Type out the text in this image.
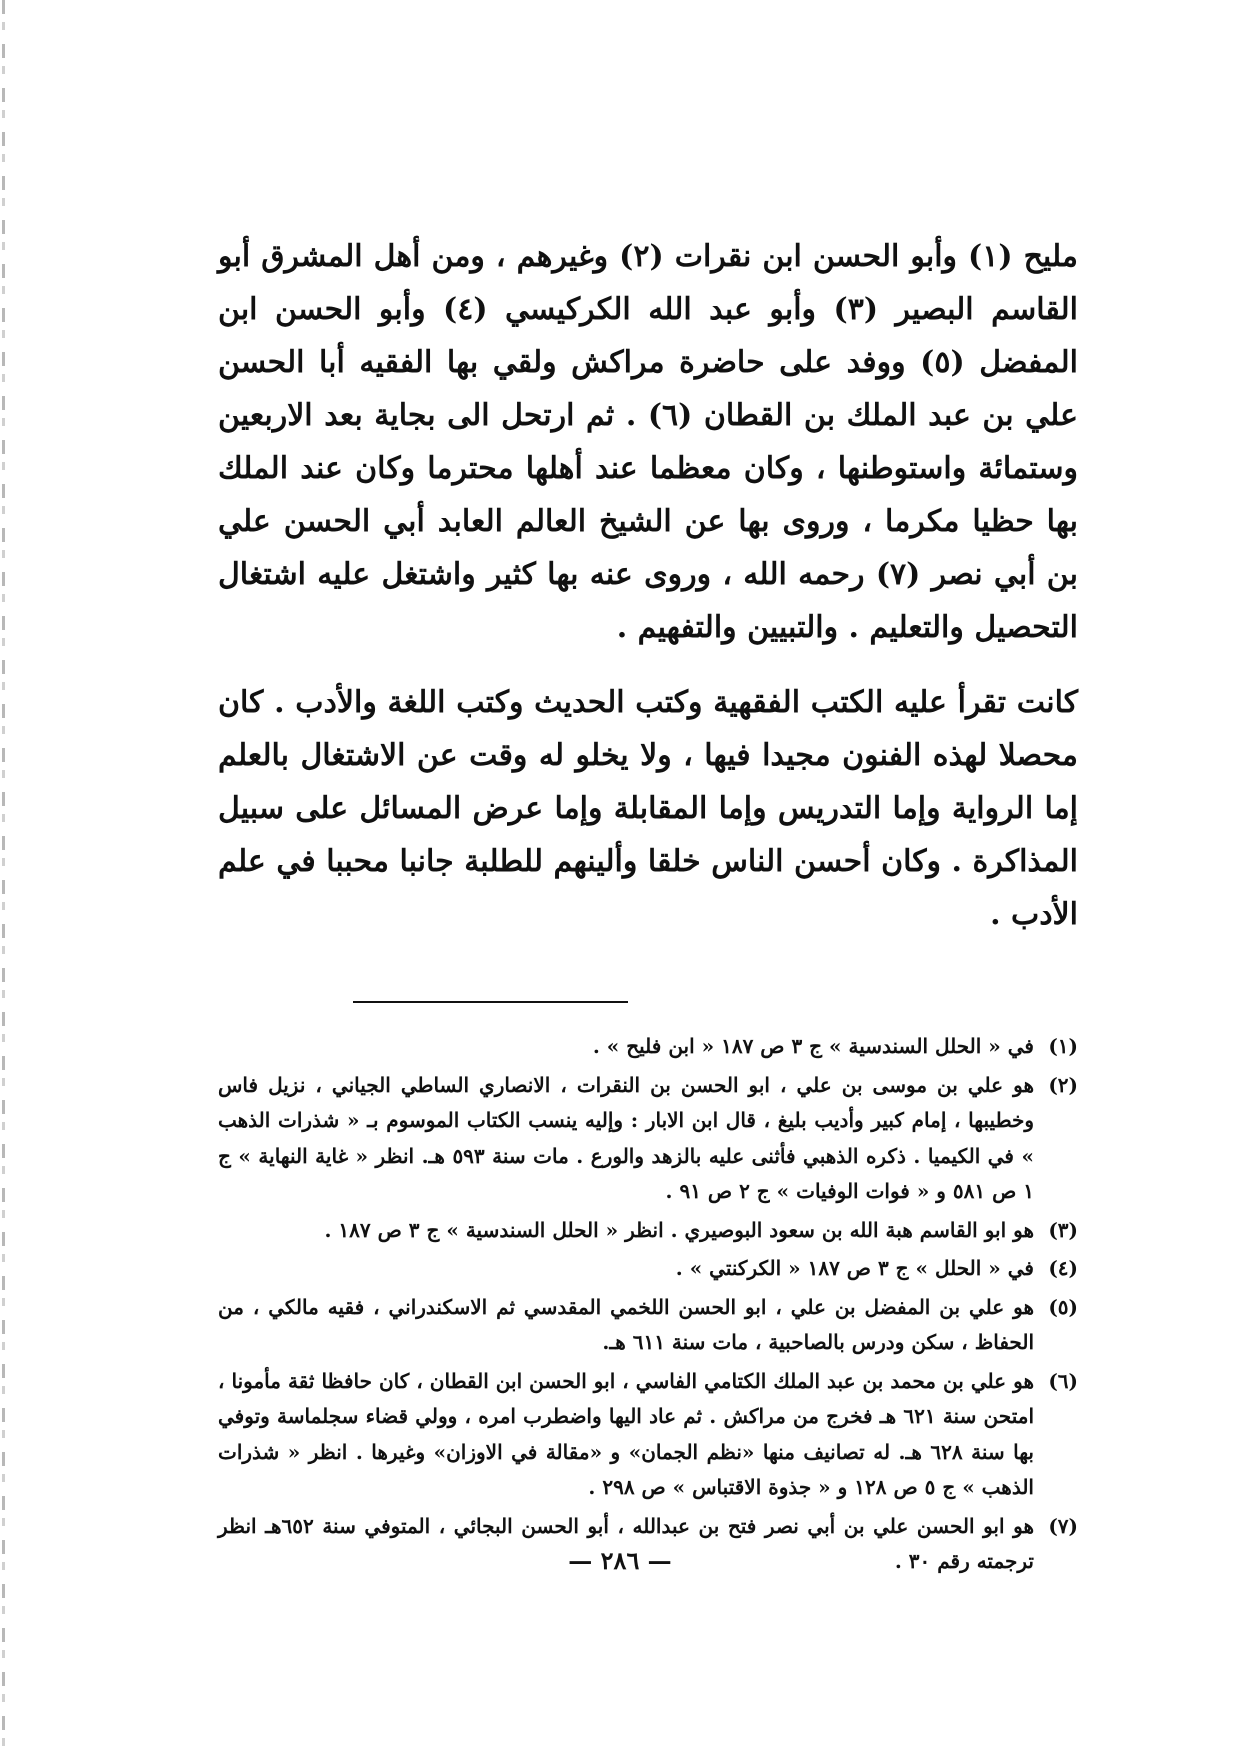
مليح (١) وأبو الحسن ابن نقرات (٢) وغيرهم ، ومن أهل المشرق أبو القاسم البصير (٣) وأبو عبد الله الكركيسي (٤) وأبو الحسن ابن المفضل (٥) ووفد على حاضرة مراكش ولقي بها الفقيه أبا الحسن علي بن عبد الملك بن القطان (٦) . ثم ارتحل الى بجاية بعد الاربعين وستمائة واستوطنها ، وكان معظما عند أهلها محترما وكان عند الملك بها حظيا مكرما ، وروى بها عن الشيخ العالم العابد أبي الحسن علي بن أبي نصر (٧) رحمه الله ، وروى عنه بها كثير واشتغل عليه اشتغال التحصيل والتعليم . والتبيين والتفهيم .

كانت تقرأ عليه الكتب الفقهية وكتب الحديث وكتب اللغة والأدب . كان محصلا لهذه الفنون مجيدا فيها ، ولا يخلو له وقت عن الاشتغال بالعلم إما الرواية وإما التدريس وإما المقابلة وإما عرض المسائل على سبيل المذاكرة . وكان أحسن الناس خلقا وألينهم للطلبة جانبا محببا في علم الأدب .

(١)
في « الحلل السندسية » ج ٣ ص ١٨٧ « ابن فليح » .
(٢)
هو علي بن موسى بن علي ، ابو الحسن بن النقرات ، الانصاري الساطي الجياني ، نزيل فاس وخطيبها ، إمام كبير وأديب بليغ ، قال ابن الابار : وإليه ينسب الكتاب الموسوم بـ « شذرات الذهب » في الكيميا . ذكره الذهبي فأثنى عليه بالزهد والورع . مات سنة ٥٩٣ هـ. انظر « غاية النهاية » ج ١ ص ٥٨١ و « فوات الوفيات » ج ٢ ص ٩١ .
(٣)
هو ابو القاسم هبة الله بن سعود البوصيري . انظر « الحلل السندسية » ج ٣ ص ١٨٧ .
(٤)
في « الحلل » ج ٣ ص ١٨٧ « الكركنتي » .
(٥)
هو علي بن المفضل بن علي ، ابو الحسن اللخمي المقدسي ثم الاسكندراني ، فقيه مالكي ، من الحفاظ ، سكن ودرس بالصاحبية ، مات سنة ٦١١ هـ.
(٦)
هو علي بن محمد بن عبد الملك الكتامي الفاسي ، ابو الحسن ابن القطان ، كان حافظا ثقة مأمونا ، امتحن سنة ٦٢١ هـ فخرج من مراكش . ثم عاد اليها واضطرب امره ، وولي قضاء سجلماسة وتوفي بها سنة ٦٢٨ هـ. له تصانيف منها «نظم الجمان» و «مقالة في الاوزان» وغيرها . انظر « شذرات الذهب » ج ٥ ص ١٢٨ و « جذوة الاقتباس » ص ٢٩٨ .
(٧)
هو ابو الحسن علي بن أبي نصر فتح بن عبدالله ، أبو الحسن البجائي ، المتوفي سنة ٦٥٢هـ انظر ترجمته رقم ٣٠ .
— ٢٨٦ —
